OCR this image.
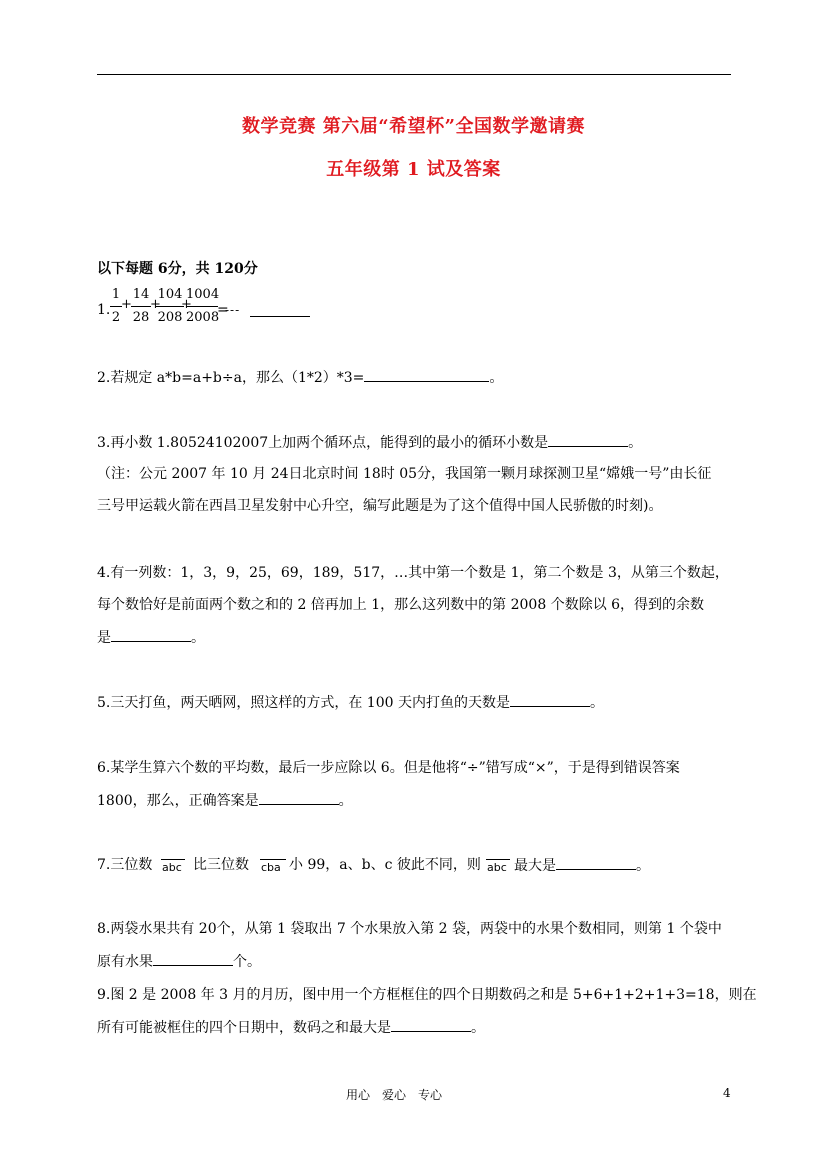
数学竞赛 第六届“希望杯”全国数学邀请赛
五年级第 1 试及答案
以下每题 6分，共 120分
1.
1
2
+
14
28
+
104
208
+
1004
2008
=
---
2.若规定 a*b=a+b÷a，那么（1*2）*3=	。
3.再小数 1.80524102007上加两个循环点，能得到的最小的循环小数是	。
（注：公元 2007 年 10 月 24日北京时间 18时 05分，我国第一颗月球探测卫星“嫦娥一号”由长征
三号甲运载火箭在西昌卫星发射中心升空，编写此题是为了这个值得中国人民骄傲的时刻)。
4.有一列数：1，3，9，25，69，189，517，…其中第一个数是 1，第二个数是 3，从第三个数起，
每个数恰好是前面两个数之和的 2 倍再加上 1，那么这列数中的第 2008 个数除以 6，得到的余数
是	。
5.三天打鱼，两天晒网，照这样的方式，在 100 天内打鱼的天数是	。
6.某学生算六个数的平均数，最后一步应除以 6。但是他将“÷”错写成“×”，于是得到错误答案
1800，那么，正确答案是	。
7.三位数 abc 比三位数 cba 小 99，a、b、c 彼此不同，则 abc 最大是	。
8.两袋水果共有 20个，从第 1 袋取出 7 个水果放入第 2 袋，两袋中的水果个数相同，则第 1 个袋中
原有水果	个。
9.图 2 是 2008 年 3 月的月历，图中用一个方框框住的四个日期数码之和是 5+6+1+2+1+3=18，则在
所有可能被框住的四个日期中，数码之和最大是	。
用心　爱心　专心	4
